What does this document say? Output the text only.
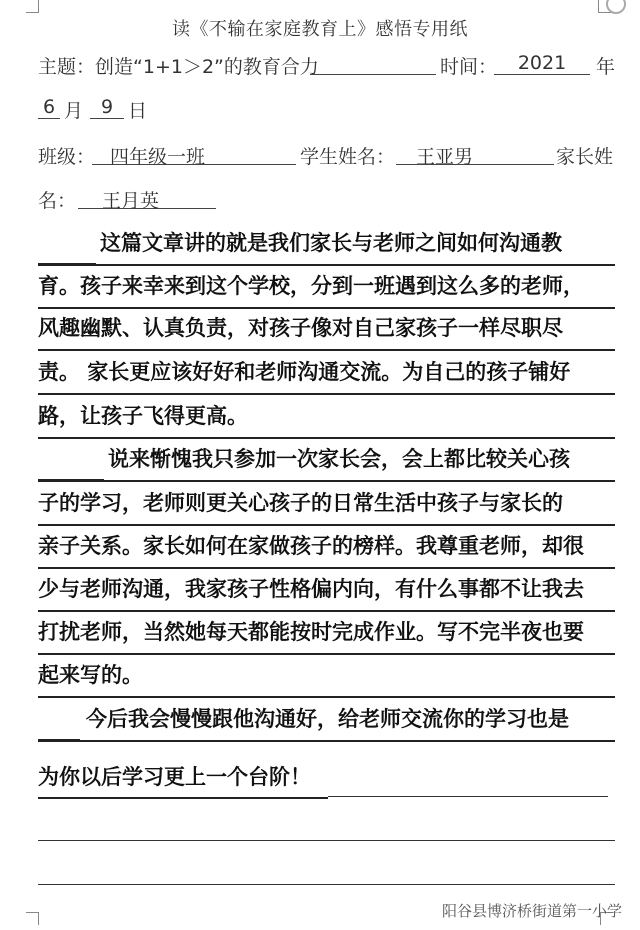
读《不输在家庭教育上》感悟专用纸
主题：创造“1+1＞2”的教育合力	时间：	2021	年
6 月 9 日
班级： 四年级一班	学生姓名：	王亚男	家长姓
名：	王月英
这篇文章讲的就是我们家长与老师之间如何沟通教
育。孩子来幸来到这个学校，分到一班遇到这么多的老师，
风趣幽默、认真负责，对孩子像对自己家孩子一样尽职尽
责。 家长更应该好好和老师沟通交流。为自己的孩子铺好
路，让孩子飞得更高。
说来惭愧我只参加一次家长会，会上都比较关心孩
子的学习，老师则更关心孩子的日常生活中孩子与家长的
亲子关系。家长如何在家做孩子的榜样。我尊重老师，却很
少与老师沟通，我家孩子性格偏内向，有什么事都不让我去
打扰老师，当然她每天都能按时完成作业。写不完半夜也要
起来写的。
今后我会慢慢跟他沟通好，给老师交流你的学习也是
为你以后学习更上一个台阶！
阳谷县博济桥街道第一小学
